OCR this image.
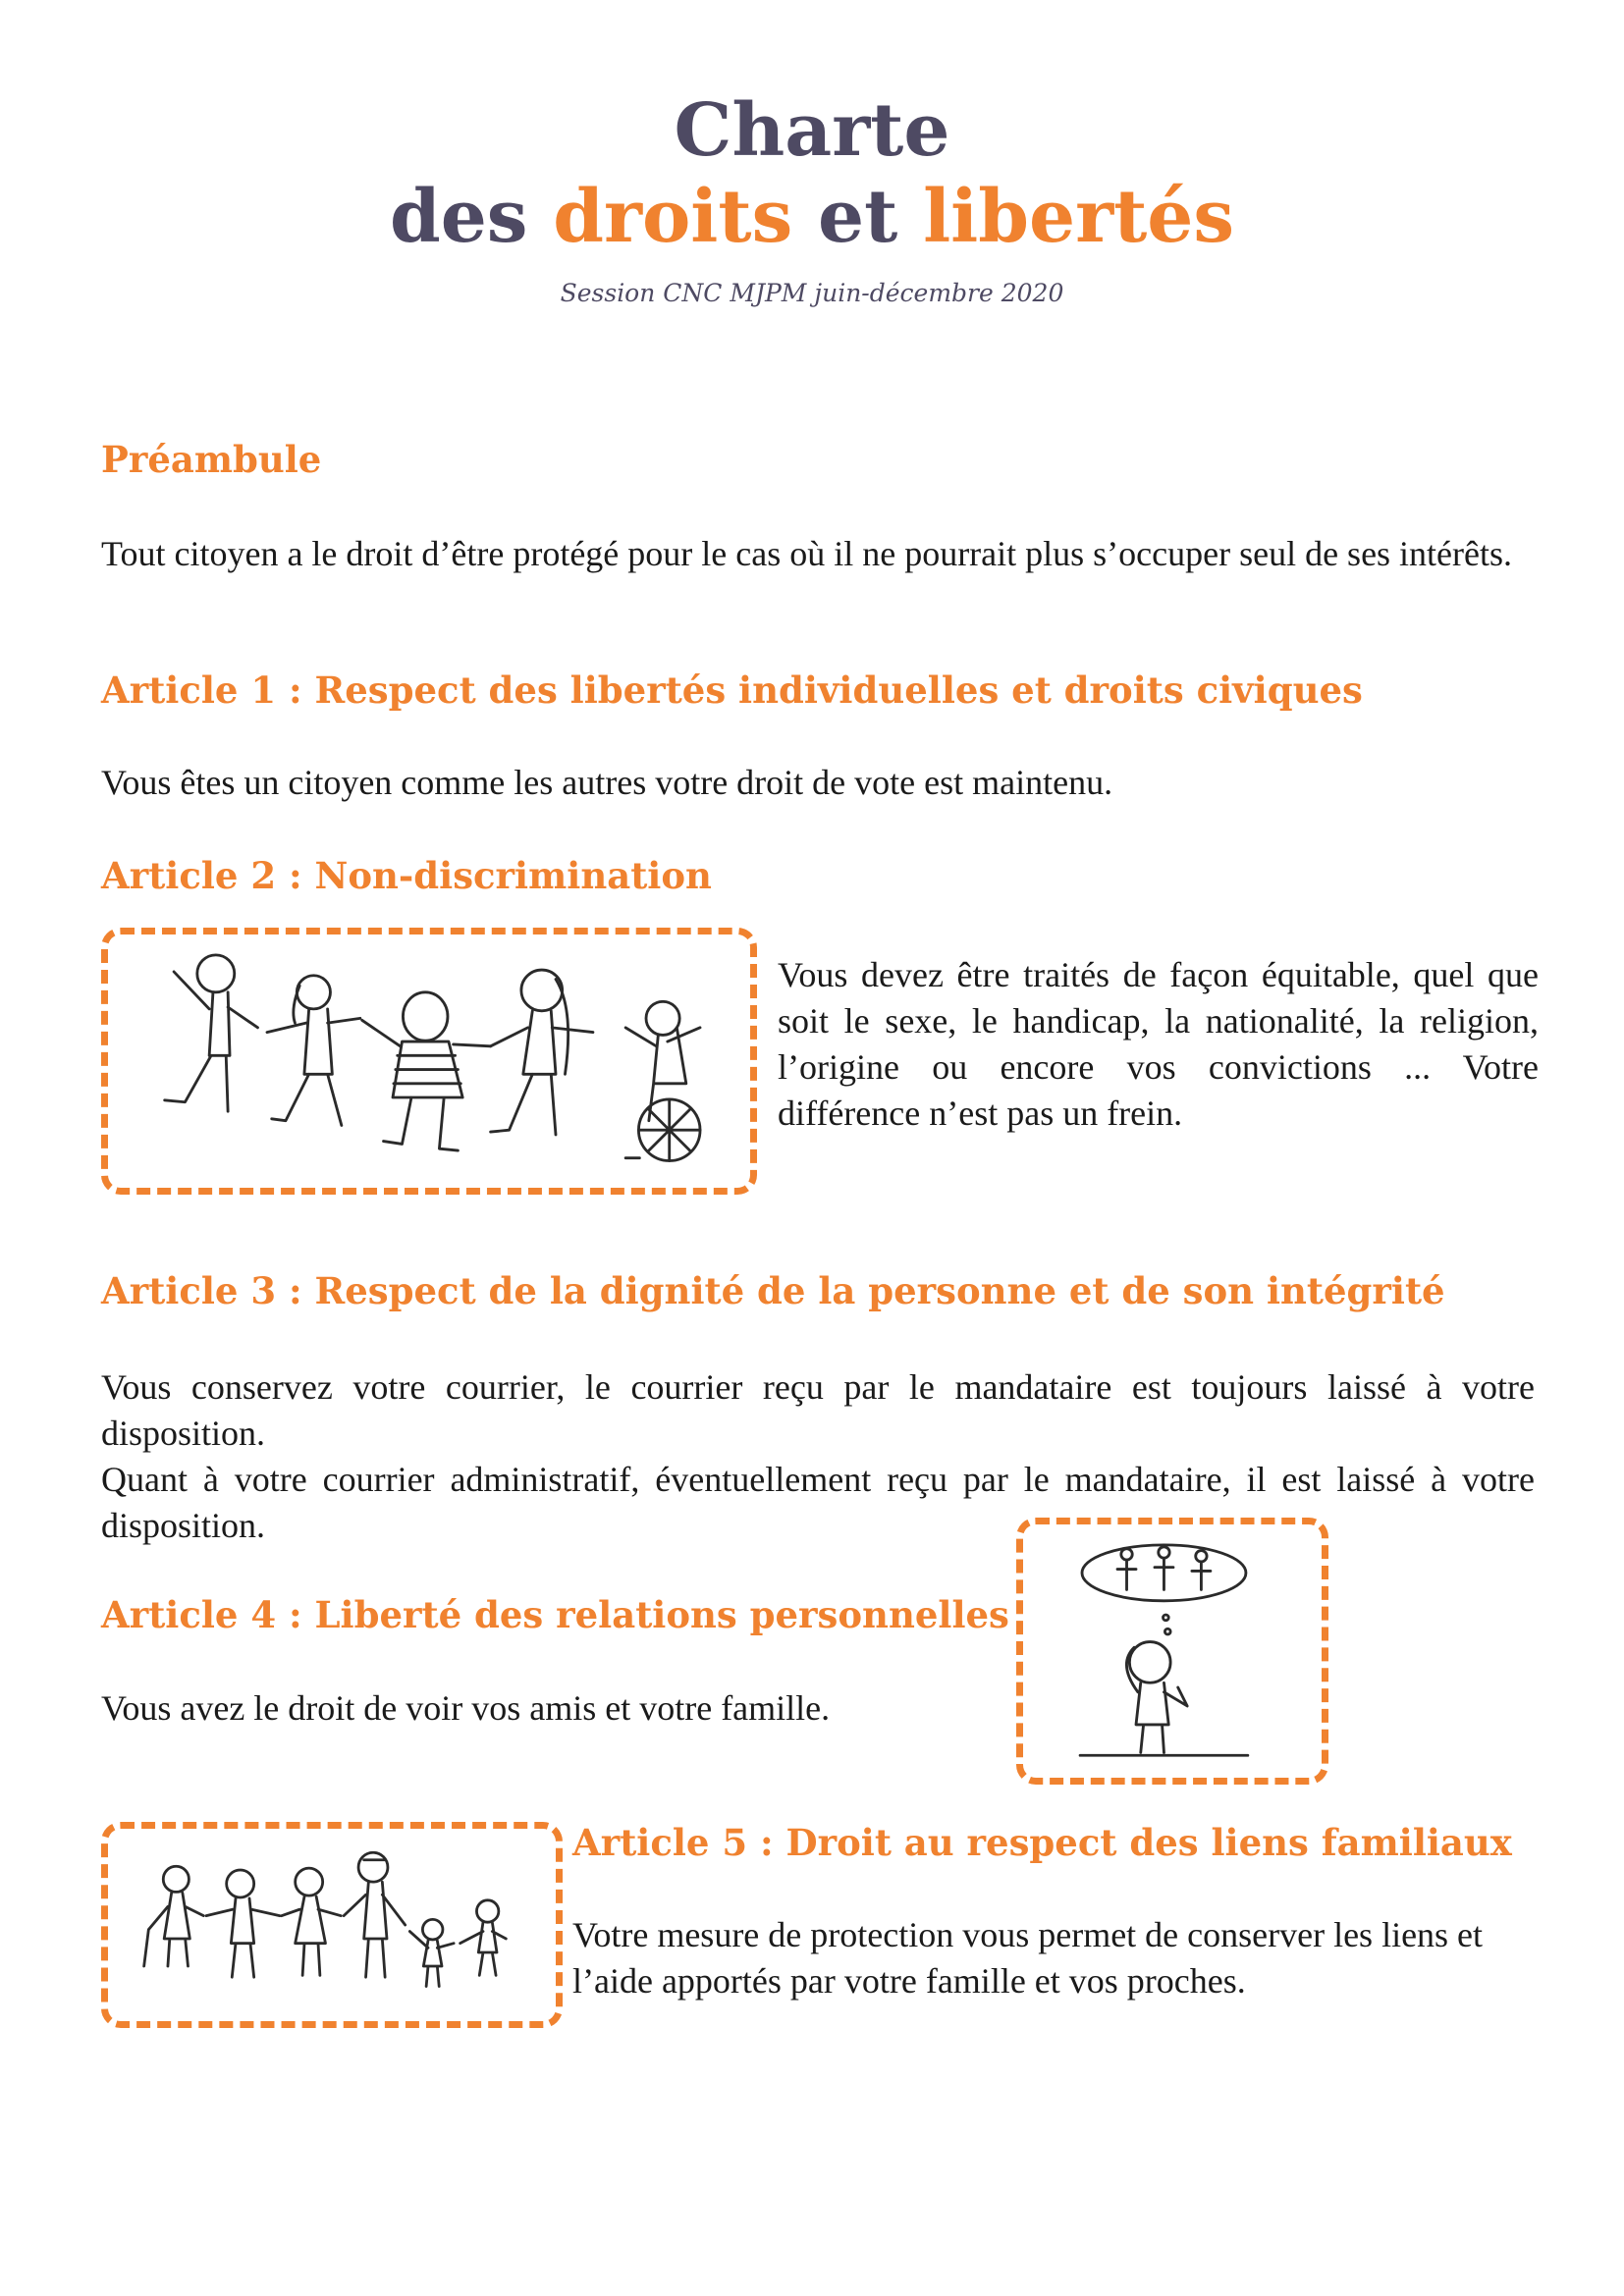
Charte
des droits et libertés
Session CNC MJPM juin-décembre 2020
Préambule
Tout citoyen a le droit d’être protégé pour le cas où il ne pourrait plus s’occuper seul de ses intérêts.
Article 1 : Respect des libertés individuelles et droits civiques
Vous êtes un citoyen comme les autres votre droit de vote est maintenu.
Article 2 : Non-discrimination
Vous devez être traités de façon équitable, quel que soit le sexe, le handicap, la nationalité, la religion, l’origine ou encore vos convictions ... Votre différence n’est pas un frein.
Article 3 : Respect de la dignité de la personne et de son intégrité
Vous conservez votre courrier, le courrier reçu par le mandataire est toujours laissé à votre disposition.
Quant à votre courrier administratif, éventuellement reçu par le mandataire, il est laissé à votre disposition.
Article 4 : Liberté des relations personnelles
Vous avez le droit de voir vos amis et votre famille.
Article 5 : Droit au respect des liens familiaux
Votre mesure de protection vous permet de conserver les liens et l’aide apportés par votre famille et vos proches.
